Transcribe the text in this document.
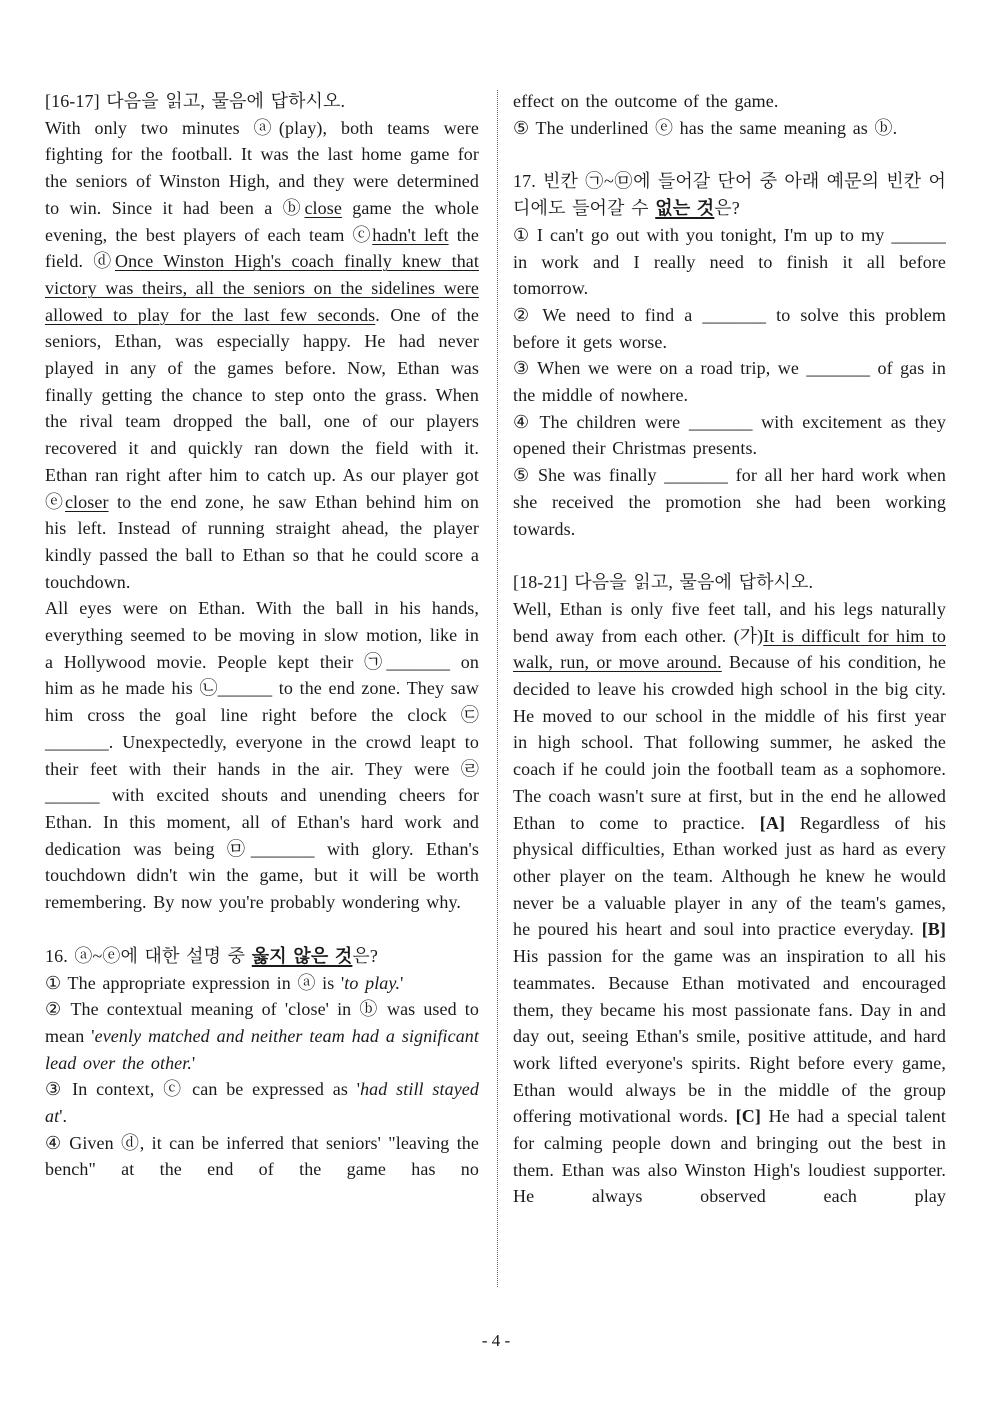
[16-17] 다음을 읽고, 물음에 답하시오.
With only two minutes ⓐ(play), both teams were fighting for the football. It was the last home game for the seniors of Winston High, and they were determined to win. Since it had been a ⓑclose game the whole evening, the best players of each team ⓒhadn't left the field. ⓓOnce Winston High's coach finally knew that victory was theirs, all the seniors on the sidelines were allowed to play for the last few seconds. One of the seniors, Ethan, was especially happy. He had never played in any of the games before. Now, Ethan was finally getting the chance to step onto the grass. When the rival team dropped the ball, one of our players recovered it and quickly ran down the field with it. Ethan ran right after him to catch up. As our player got ⓔcloser to the end zone, he saw Ethan behind him on his left. Instead of running straight ahead, the player kindly passed the ball to Ethan so that he could score a touchdown.
All eyes were on Ethan. With the ball in his hands, everything seemed to be moving in slow motion, like in a Hollywood movie. People kept their ㉠_______ on him as he made his ㉡______ to the end zone. They saw him cross the goal line right before the clock ㉢_______. Unexpectedly, everyone in the crowd leapt to their feet with their hands in the air. They were ㉣______ with excited shouts and unending cheers for Ethan. In this moment, all of Ethan's hard work and dedication was being ㉤_______ with glory. Ethan's touchdown didn't win the game, but it will be worth remembering. By now you're probably wondering why.
16. ⓐ~ⓔ에 대한 설명 중 옳지 않은 것은?
① The appropriate expression in ⓐ is 'to play.'
② The contextual meaning of 'close' in ⓑ was used to mean 'evenly matched and neither team had a significant lead over the other.'
③ In context, ⓒ can be expressed as 'had still stayed at'.
④ Given ⓓ, it can be inferred that seniors' "leaving the bench" at the end of the game has no
effect on the outcome of the game.
⑤ The underlined ⓔ has the same meaning as ⓑ.
17. 빈칸 ㉠~㉤에 들어갈 단어 중 아래 예문의 빈칸 어디에도 들어갈 수 없는 것은?
① I can't go out with you tonight, I'm up to my ______ in work and I really need to finish it all before tomorrow.
② We need to find a _______ to solve this problem before it gets worse.
③ When we were on a road trip, we _______ of gas in the middle of nowhere.
④ The children were _______ with excitement as they opened their Christmas presents.
⑤ She was finally _______ for all her hard work when she received the promotion she had been working towards.
[18-21] 다음을 읽고, 물음에 답하시오.
Well, Ethan is only five feet tall, and his legs naturally bend away from each other. (가)It is difficult for him to walk, run, or move around. Because of his condition, he decided to leave his crowded high school in the big city. He moved to our school in the middle of his first year in high school. That following summer, he asked the coach if he could join the football team as a sophomore. The coach wasn't sure at first, but in the end he allowed Ethan to come to practice. [A] Regardless of his physical difficulties, Ethan worked just as hard as every other player on the team. Although he knew he would never be a valuable player in any of the team's games, he poured his heart and soul into practice everyday. [B] His passion for the game was an inspiration to all his teammates. Because Ethan motivated and encouraged them, they became his most passionate fans. Day in and day out, seeing Ethan's smile, positive attitude, and hard work lifted everyone's spirits. Right before every game, Ethan would always be in the middle of the group offering motivational words. [C] He had a special talent for calming people down and bringing out the best in them. Ethan was also Winston High's loudiest supporter. He always observed each play
- 4 -
